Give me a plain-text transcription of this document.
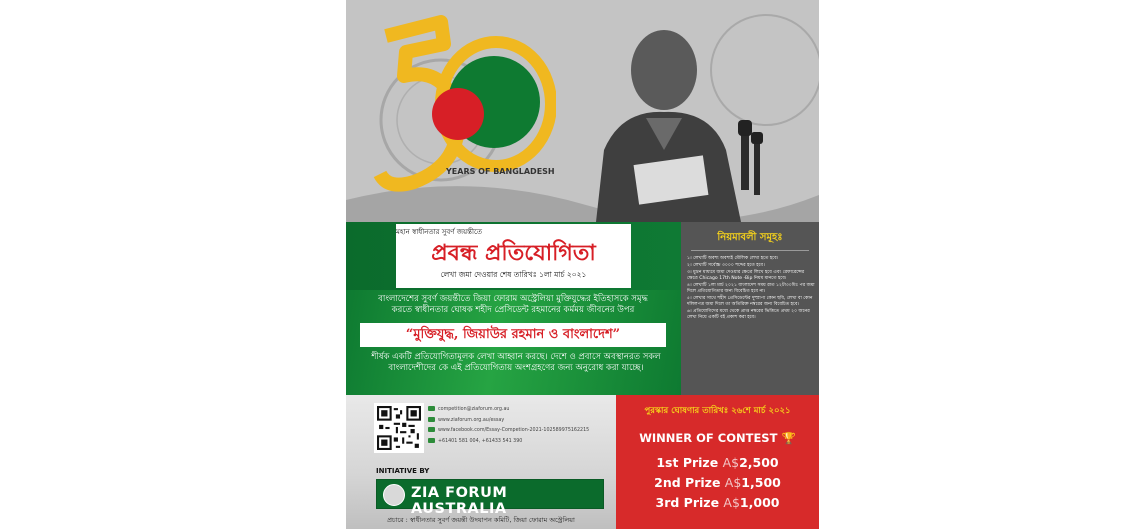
YEARS OF BANGLADESH
মহান স্বাধীনতার সুবর্ণ জয়ন্তীতে
প্রবন্ধ প্রতিযোগিতা
লেখা জমা দেওয়ার শেষ তারিখঃ ১লা মার্চ ২০২১
বাংলাদেশের সুবর্ণ জয়ন্তীতে জিয়া ফোরাম অস্ট্রেলিয়া মুক্তিযুদ্ধের ইতিহাসকে সমৃদ্ধ করতে স্বাধীনতার ঘোষক শহীদ প্রেসিডেন্ট রহমানের কর্মময় জীবনের উপর
“মুক্তিযুদ্ধ, জিয়াউর রহমান ও বাংলাদেশ”
শীর্ষক একটি প্রতিযোগিতামূলক লেখা আহ্বান করছে। দেশে ও প্রবাসে অবস্থানরত সকল বাংলাদেশীদের কে এই প্রতিযোগিতায় অংশগ্রহণের জন্য অনুরোধ করা যাচ্ছে।
নিয়মাবলী সমূহঃ
১। লেখাটি অবশ্য অবশ্যই মৌলিক লেখা হতে হবে।
২। লেখাটি সর্বোচ্চ ৩০০০ শব্দের হতে হবে।
৩। মুদ্রন মাধ্যমে জমা দেওয়ার ক্ষেত্রে লিখে হবে এবং রেফারেন্সের ক্ষেত্রে Chicago 17th Note -Bip নিয়ম মানতে হবে।
৪। লেখাটি ১লা মার্চ ২০২১ বাংলাদেশ সময় রাত ১২টা৩০মিঃ পর জমা দিলে প্রতিযোগিতার জন্য বিবেচিত হবে না।
৫। লেখার সাথে শহীদ প্রেসিডেন্টের দুষ্প্রাপ্য কোন ছবি, লেখা বা কোন দলিলপত্র জমা দিলে তা অতিরিক্ত নম্বরের জন্য বিবেচিত হবে।
৬। প্রতিযোগিদের মধ্যে থেকে প্রাপ্ত নম্বরের ভিত্তিতে প্রথম ২০ জনের লেখা নিয়ে একটি বই প্রকাশ করা হবে।
competition@ziaforum.org.au
www.ziaforum.org.au/essay
www.facebook.com/Essay-Competion-2021-102589975162215
+61401 581 004, +61433 541 390
INITIATIVE BY
ZIA FORUM AUSTRALIA
প্রচারে : স্বাধীনতার সুবর্ণ জয়ন্তী উদযাপন কমিটি, জিয়া ফোরাম অস্ট্রেলিয়া
পুরস্কার ঘোষণার তারিখঃ ২৬শে মার্চ ২০২১
WINNER OF CONTEST 🏆
1st Prize A$2,500
2nd Prize A$1,500
3rd Prize A$1,000
